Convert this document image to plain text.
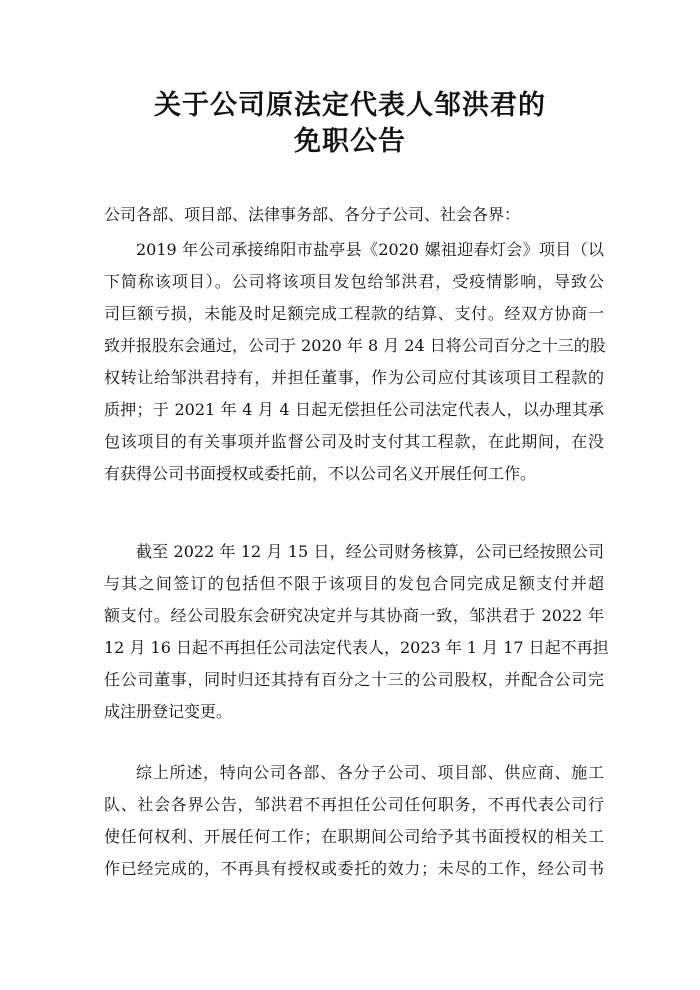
关于公司原法定代表人邹洪君的
免职公告
公司各部、项目部、法律事务部、各分子公司、社会各界：
2019 年公司承接绵阳市盐亭县《2020 嫘祖迎春灯会》项目（以
下简称该项目）。公司将该项目发包给邹洪君，受疫情影响，导致公
司巨额亏损，未能及时足额完成工程款的结算、支付。经双方协商一
致并报股东会通过，公司于 2020 年 8 月 24 日将公司百分之十三的股
权转让给邹洪君持有，并担任董事，作为公司应付其该项目工程款的
质押；于 2021 年 4 月 4 日起无偿担任公司法定代表人，以办理其承
包该项目的有关事项并监督公司及时支付其工程款，在此期间，在没
有获得公司书面授权或委托前，不以公司名义开展任何工作。
截至 2022 年 12 月 15 日，经公司财务核算，公司已经按照公司
与其之间签订的包括但不限于该项目的发包合同完成足额支付并超
额支付。经公司股东会研究决定并与其协商一致，邹洪君于 2022 年
12 月 16 日起不再担任公司法定代表人，2023 年 1 月 17 日起不再担
任公司董事，同时归还其持有百分之十三的公司股权，并配合公司完
成注册登记变更。
综上所述，特向公司各部、各分子公司、项目部、供应商、施工
队、社会各界公告，邹洪君不再担任公司任何职务，不再代表公司行
使任何权利、开展任何工作；在职期间公司给予其书面授权的相关工
作已经完成的，不再具有授权或委托的效力；未尽的工作，经公司书
